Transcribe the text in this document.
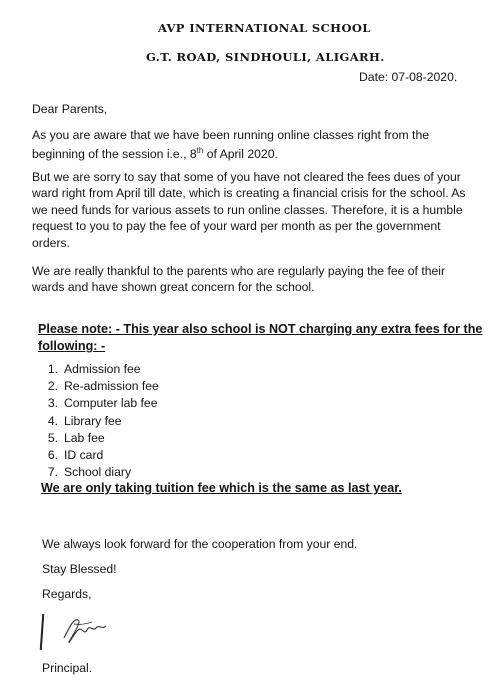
AVP INTERNATIONAL SCHOOL
G.T. ROAD, SINDHOULI, ALIGARH.
Date: 07-08-2020.
Dear Parents,
As you are aware that we have been running online classes right from the beginning of the session i.e., 8th of April 2020.
But we are sorry to say that some of you have not cleared the fees dues of your ward right from April till date, which is creating a financial crisis for the school. As we need funds for various assets to run online classes. Therefore, it is a humble request to you to pay the fee of your ward per month as per the government orders.
We are really thankful to the parents who are regularly paying the fee of their wards and have shown great concern for the school.
Please note: - This year also school is NOT charging any extra fees for the following: -
1. Admission fee
2. Re-admission fee
3. Computer lab fee
4. Library fee
5. Lab fee
6. ID card
7. School diary
We are only taking tuition fee which is the same as last year.
We always look forward for the cooperation from your end.
Stay Blessed!
Regards,
Principal.
